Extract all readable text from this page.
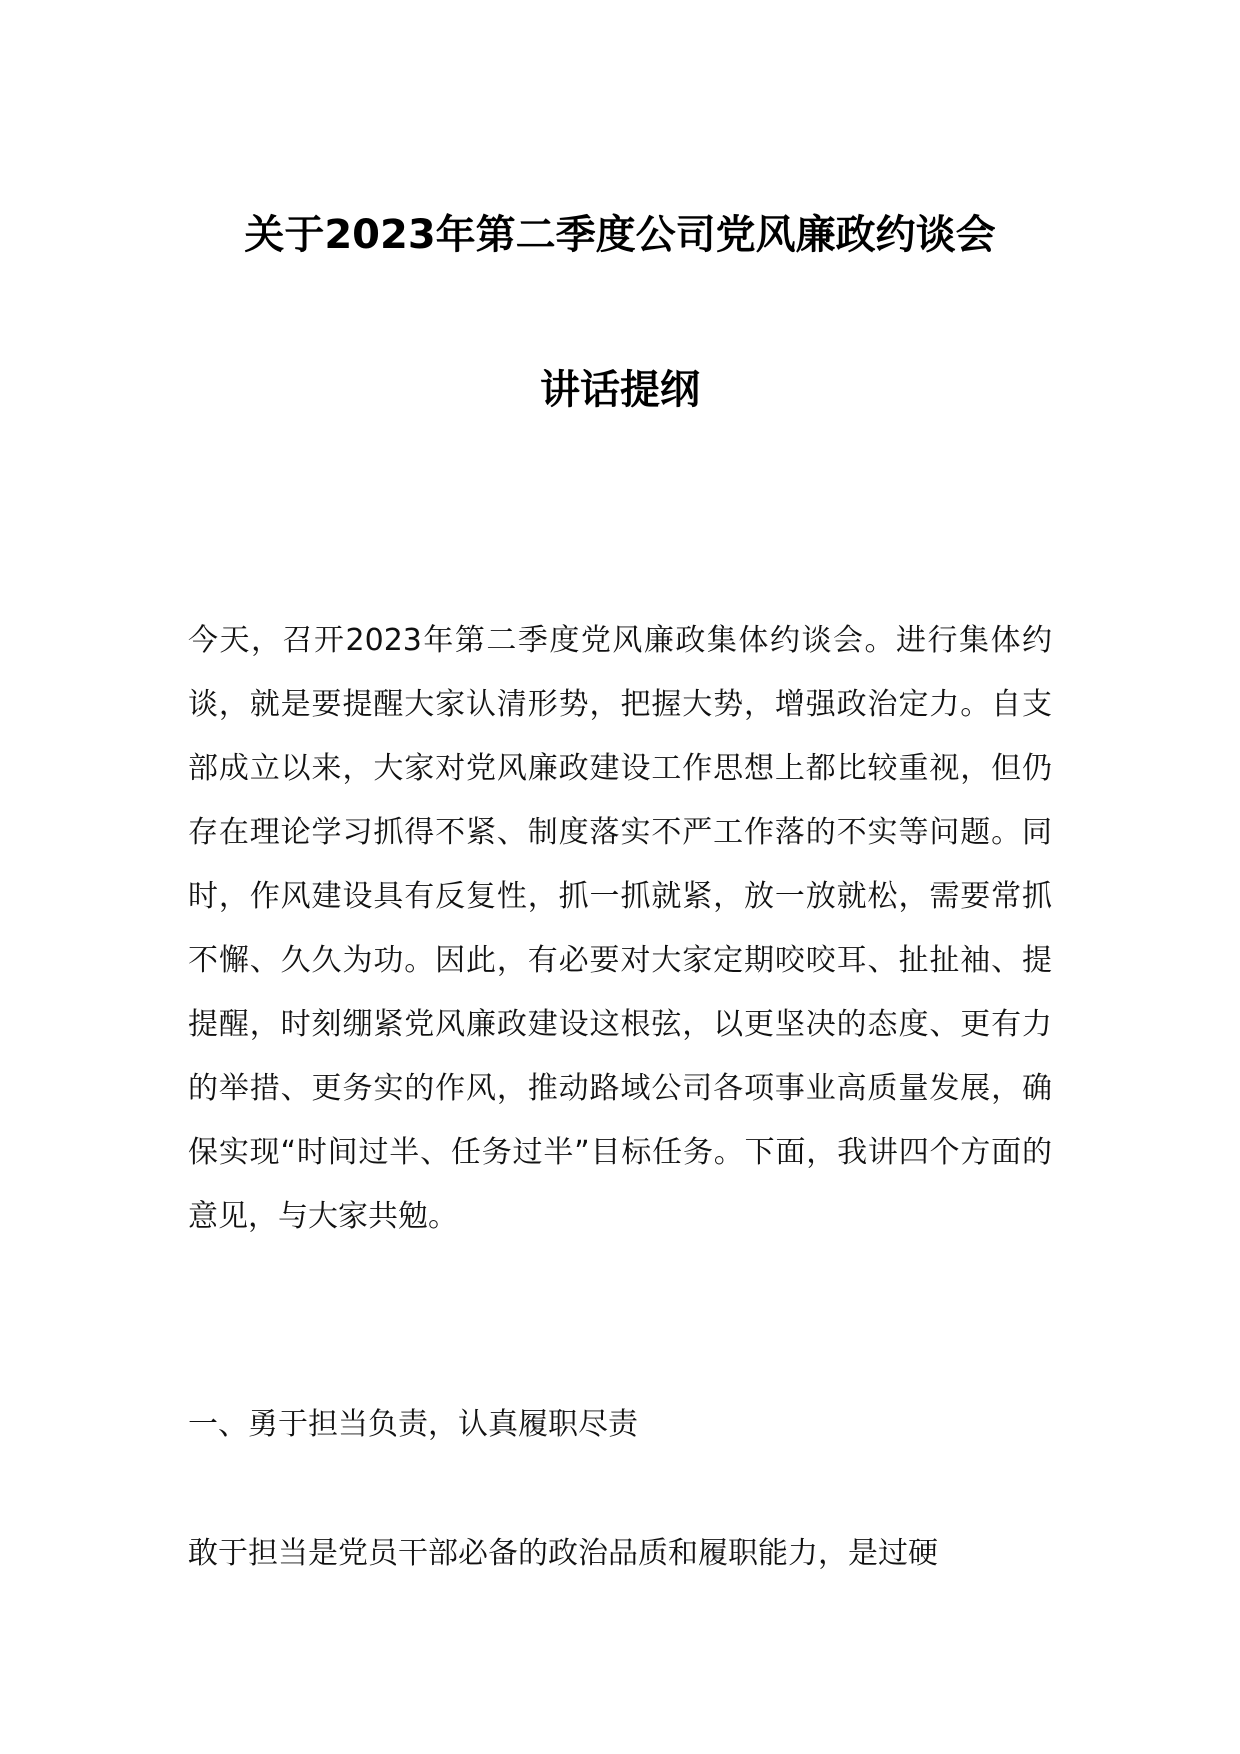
关于2023年第二季度公司党风廉政约谈会
讲话提纲

今天，召开2023年第二季度党风廉政集体约谈会。进行集体约谈，就是要提醒大家认清形势，把握大势，增强政治定力。自支部成立以来，大家对党风廉政建设工作思想上都比较重视，但仍存在理论学习抓得不紧、制度落实不严工作落的不实等问题。同时，作风建设具有反复性，抓一抓就紧，放一放就松，需要常抓不懈、久久为功。因此，有必要对大家定期咬咬耳、扯扯袖、提提醒，时刻绷紧党风廉政建设这根弦，以更坚决的态度、更有力的举措、更务实的作风，推动路域公司各项事业高质量发展，确保实现“时间过半、任务过半”目标任务。下面，我讲四个方面的意见，与大家共勉。

一、勇于担当负责，认真履职尽责

敢于担当是党员干部必备的政治品质和履职能力，是过硬
